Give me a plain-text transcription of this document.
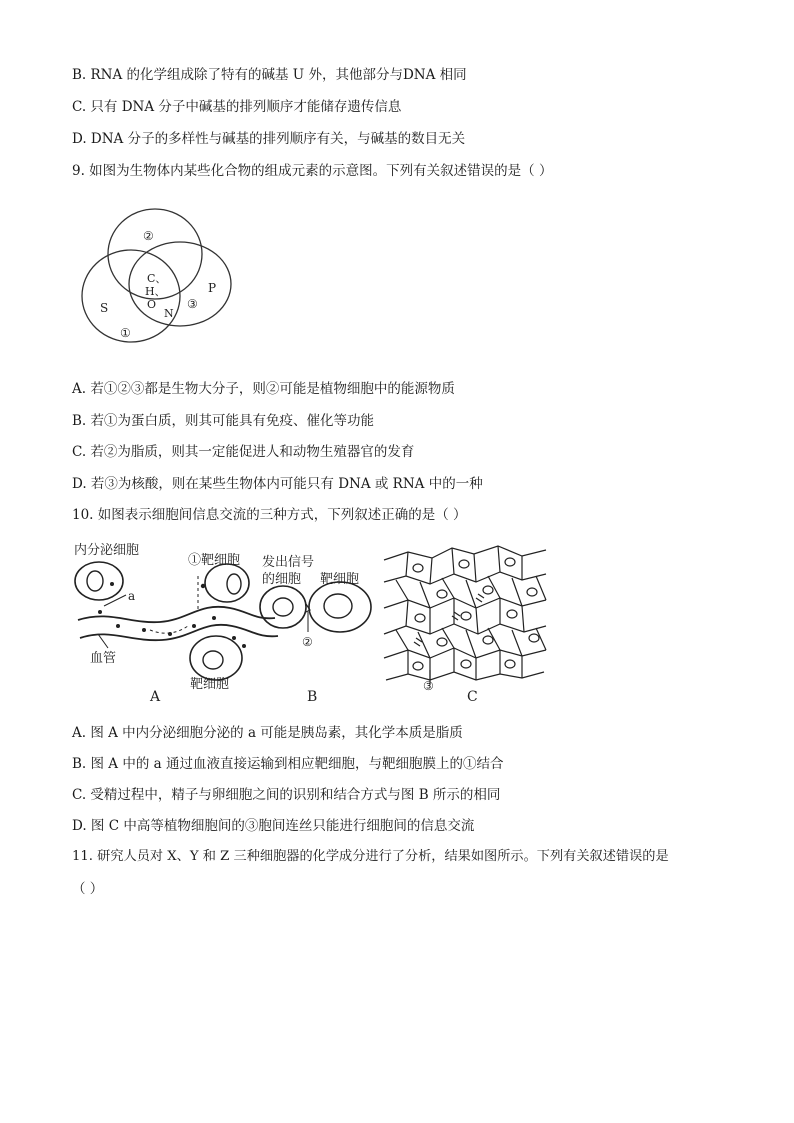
B. RNA 的化学组成除了特有的碱基 U 外，其他部分与DNA 相同
C. 只有 DNA 分子中碱基的排列顺序才能储存遗传信息
D. DNA 分子的多样性与碱基的排列顺序有关，与碱基的数目无关
9. 如图为生物体内某些化合物的组成元素的示意图。下列有关叙述错误的是（ ）
②
C、
H、
O
S	N
P
③
①
A. 若①②③都是生物大分子，则②可能是植物细胞中的能源物质
B. 若①为蛋白质，则其可能具有免疫、催化等功能
C. 若②为脂质，则其一定能促进人和动物生殖器官的发育
D. 若③为核酸，则在某些生物体内可能只有 DNA 或 RNA 中的一种
10. 如图表示细胞间信息交流的三种方式，下列叙述正确的是（ ）
内分泌细胞
a
①靶细胞
血管
靶细胞
A
发出信号
的细胞 靶细胞
②
B
③
C
A. 图 A 中内分泌细胞分泌的 a 可能是胰岛素，其化学本质是脂质
B. 图 A 中的 a 通过血液直接运输到相应靶细胞，与靶细胞膜上的①结合
C. 受精过程中，精子与卵细胞之间的识别和结合方式与图 B 所示的相同
D. 图 C 中高等植物细胞间的③胞间连丝只能进行细胞间的信息交流
11. 研究人员对 X、Y 和 Z 三种细胞器的化学成分进行了分析，结果如图所示。下列有关叙述错误的是
（ ）
